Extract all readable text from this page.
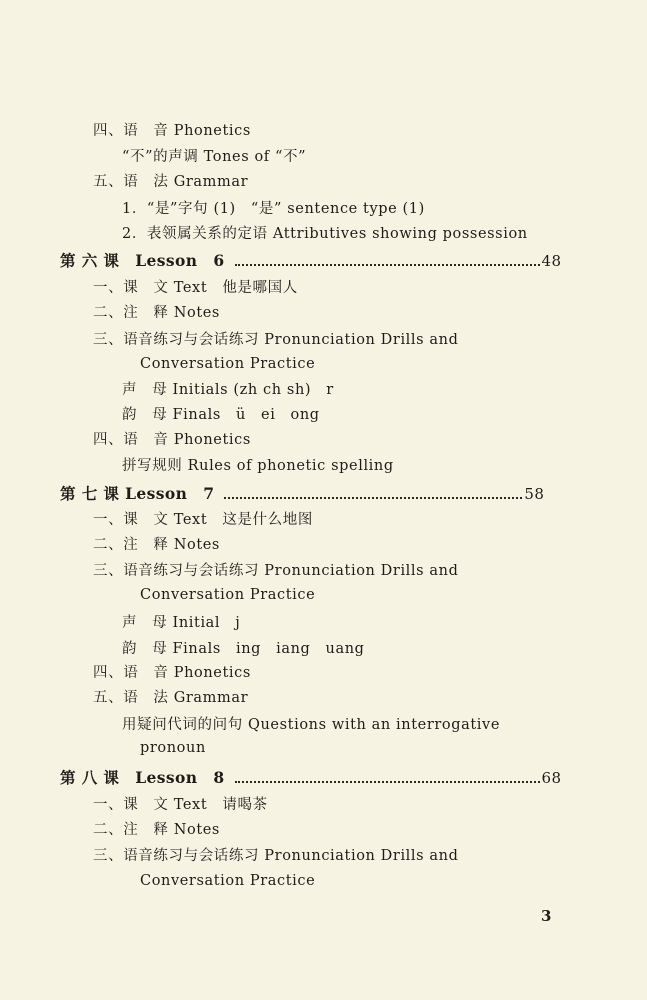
四、语　音 Phonetics
“不”的声调 Tones of “不”
五、语　法 Grammar
1．“是”字句 (1)　“是” sentence type (1)
2．表领属关系的定语 Attributives showing possession
第 六 课　Lesson　6	48
一、课　文 Text　他是哪国人
二、注　释 Notes
三、语音练习与会话练习 Pronunciation Drills and
Conversation Practice
声　母 Initials (zh ch sh)　r
韵　母 Finals　ü　ei　ong
四、语　音 Phonetics
拼写规则 Rules of phonetic spelling
第 七 课 Lesson　7	58
一、课　文 Text　这是什么地图
二、注　释 Notes
三、语音练习与会话练习 Pronunciation Drills and
Conversation Practice
声　母 Initial　j
韵　母 Finals　ing　iang　uang
四、语　音 Phonetics
五、语　法 Grammar
用疑问代词的问句 Questions with an interrogative
pronoun
第 八 课　Lesson　8	68
一、课　文 Text　请喝茶
二、注　释 Notes
三、语音练习与会话练习 Pronunciation Drills and
Conversation Practice
3
